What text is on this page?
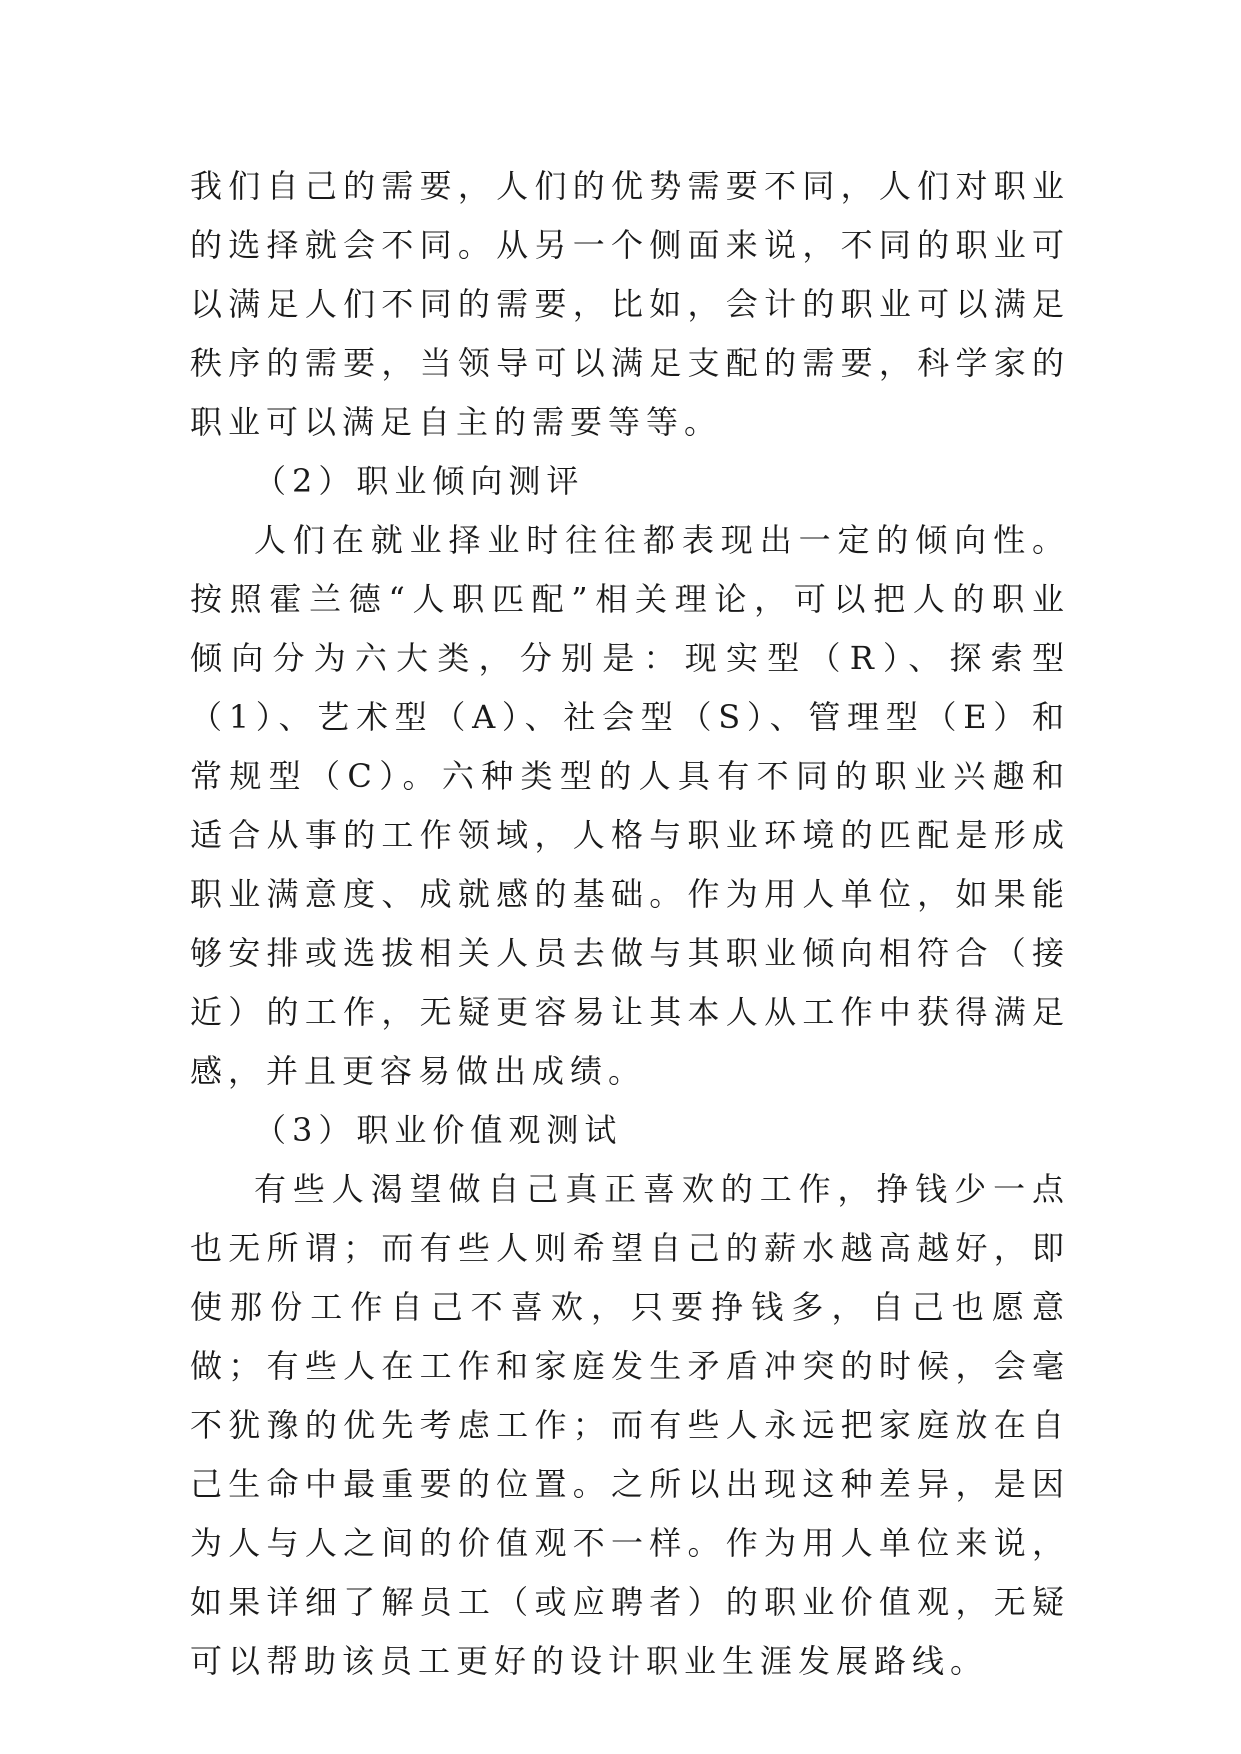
我们自己的需要，人们的优势需要不同，人们对职业的选择就会不同。从另一个侧面来说，不同的职业可以满足人们不同的需要，比如，会计的职业可以满足秩序的需要，当领导可以满足支配的需要，科学家的职业可以满足自主的需要等等。

（2）职业倾向测评

人们在就业择业时往往都表现出一定的倾向性。按照霍兰德“人职匹配”相关理论，可以把人的职业倾向分为六大类，分别是：现实型（R）、探索型（1）、艺术型（A）、社会型（S）、管理型（E）和常规型（C）。六种类型的人具有不同的职业兴趣和适合从事的工作领域，人格与职业环境的匹配是形成职业满意度、成就感的基础。作为用人单位，如果能够安排或选拔相关人员去做与其职业倾向相符合（接近）的工作，无疑更容易让其本人从工作中获得满足感，并且更容易做出成绩。

（3）职业价值观测试

有些人渴望做自己真正喜欢的工作，挣钱少一点也无所谓；而有些人则希望自己的薪水越高越好，即使那份工作自己不喜欢，只要挣钱多，自己也愿意做；有些人在工作和家庭发生矛盾冲突的时候，会毫不犹豫的优先考虑工作；而有些人永远把家庭放在自己生命中最重要的位置。之所以出现这种差异，是因为人与人之间的价值观不一样。作为用人单位来说，如果详细了解员工（或应聘者）的职业价值观，无疑可以帮助该员工更好的设计职业生涯发展路线。
